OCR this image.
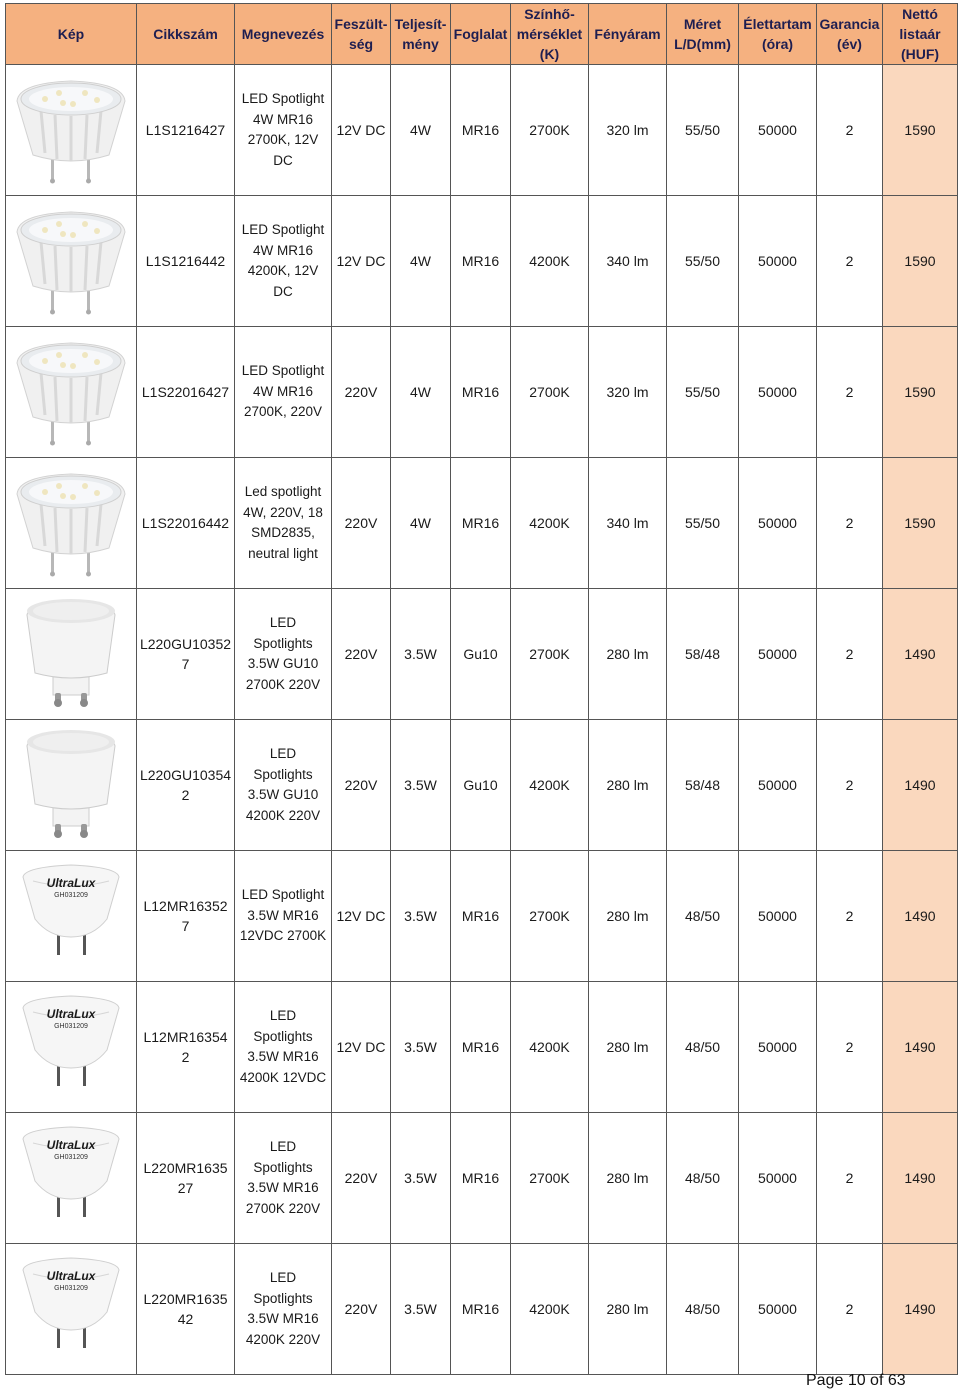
Kép	Cikkszám	Megnevezés	Feszült-
ség	Teljesít-
mény	Foglalat	Színhő-
mérséklet
(K)	Fényáram	Méret
L/D(mm)	Élettartam
(óra)	Garancia
(év)	Nettó
listaár
(HUF)

	L1S1216427	LED Spotlight
4W MR16
2700K, 12V
DC	12V DC	4W	MR16	2700K	320 lm	55/50	50000	2	1590

	L1S1216442	LED Spotlight
4W MR16
4200K, 12V
DC	12V DC	4W	MR16	4200K	340 lm	55/50	50000	2	1590

	L1S22016427	LED Spotlight
4W MR16
2700K, 220V	220V	4W	MR16	2700K	320 lm	55/50	50000	2	1590

	L1S22016442	Led spotlight
4W, 220V, 18
SMD2835,
neutral light	220V	4W	MR16	4200K	340 lm	55/50	50000	2	1590

	L220GU10352
7	LED
Spotlights
3.5W GU10
2700K 220V	220V	3.5W	Gu10	2700K	280 lm	58/48	50000	2	1490

	L220GU10354
2	LED
Spotlights
3.5W GU10
4200K 220V	220V	3.5W	Gu10	4200K	280 lm	58/48	50000	2	1490

	L12MR16352
7	LED Spotlight
3.5W MR16
12VDC 2700K	12V DC	3.5W	MR16	2700K	280 lm	48/50	50000	2	1490

	L12MR16354
2	LED
Spotlights
3.5W MR16
4200K 12VDC	12V DC	3.5W	MR16	4200K	280 lm	48/50	50000	2	1490

	L220MR1635
27	LED
Spotlights
3.5W MR16
2700K 220V	220V	3.5W	MR16	2700K	280 lm	48/50	50000	2	1490

	L220MR1635
42	LED
Spotlights
3.5W MR16
4200K 220V	220V	3.5W	MR16	4200K	280 lm	48/50	50000	2	1490
Page 10 of 63
